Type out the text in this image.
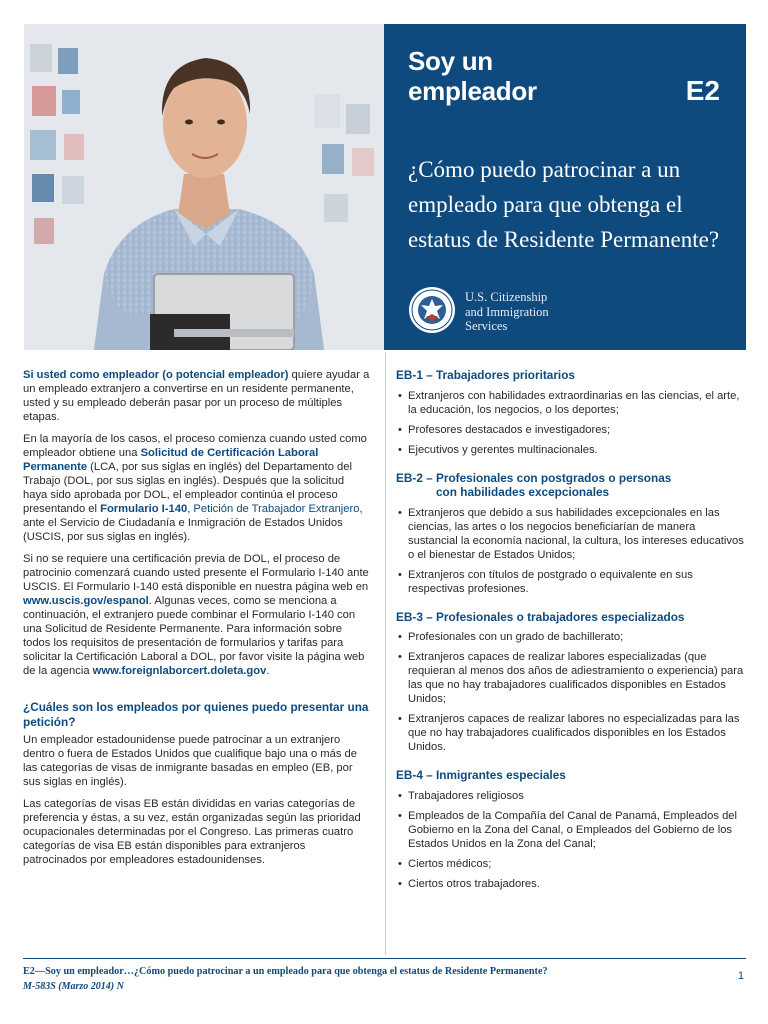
Soy un empleador	E2
¿Cómo puedo patrocinar a un empleado para que obtenga el estatus de Residente Permanente?
U.S. Citizenship
and Immigration
Services

Si usted como empleador (o potencial empleador) quiere ayudar a un empleado extranjero a convertirse en un residente permanente, usted y su empleado deberán pasar por un proceso de múltiples etapas.

En la mayoría de los casos, el proceso comienza cuando usted como empleador obtiene una Solicitud de Certificación Laboral Permanente (LCA, por sus siglas en inglés) del Departamento del Trabajo (DOL, por sus siglas en inglés). Después que la solicitud haya sido aprobada por DOL, el empleador continúa el proceso presentando el Formulario I-140, Petición de Trabajador Extranjero, ante el Servicio de Ciudadanía e Inmigración de Estados Unidos (USCIS, por sus siglas en inglés).

Si no se requiere una certificación previa de DOL, el proceso de patrocinio comenzará cuando usted presente el Formulario I-140 ante USCIS. El Formulario I-140 está disponible en nuestra página web en www.uscis.gov/espanol. Algunas veces, como se menciona a continuación, el extranjero puede combinar el Formulario I-140 con una Solicitud de Residente Permanente. Para información sobre todos los requisitos de presentación de formularios y tarifas para solicitar la Certificación Laboral a DOL, por favor visite la página web de la agencia www.foreignlaborcert.doleta.gov.

¿Cuáles son los empleados por quienes puedo presentar una petición?

Un empleador estadounidense puede patrocinar a un extranjero dentro o fuera de Estados Unidos que cualifique bajo una o más de las categorías de visas de inmigrante basadas en empleo (EB, por sus siglas en inglés).

Las categorías de visas EB están divididas en varias categorías de preferencia y éstas, a su vez, están organizadas según las prioridad ocupacionales determinadas por el Congreso. Las primeras cuatro categorías de visa EB están disponibles para extranjeros patrocinados por empleadores estadounidenses.

EB-1 – Trabajadores prioritarios
• Extranjeros con habilidades extraordinarias en las ciencias, el arte, la educación, los negocios, o los deportes;
• Profesores destacados e investigadores;
• Ejecutivos y gerentes multinacionales.
EB-2 – Profesionales con postgrados o personas
con habilidades excepcionales
• Extranjeros que debido a sus habilidades excepcionales en las ciencias, las artes o los negocios beneficiarían de manera sustancial la economía nacional, la cultura, los intereses educativos o el bienestar de Estados Unidos;
• Extranjeros con títulos de postgrado o equivalente en sus respectivas profesiones.
EB-3 – Profesionales o trabajadores especializados
• Profesionales con un grado de bachillerato;
• Extranjeros capaces de realizar labores especializadas (que requieran al menos dos años de adiestramiento o experiencia) para las que no hay trabajadores cualificados disponibles en Estados Unidos;
• Extranjeros capaces de realizar labores no especializadas para las que no hay trabajadores cualificados disponibles en los Estados Unidos.
EB-4 – Inmigrantes especiales
• Trabajadores religiosos
• Empleados de la Compañía del Canal de Panamá, Empleados del Gobierno en la Zona del Canal, o Empleados del Gobierno de los Estados Unidos en la Zona del Canal;
• Ciertos médicos;
• Ciertos otros trabajadores.
E2—Soy un empleador…¿Cómo puedo patrocinar a un empleado para que obtenga el estatus de Residente Permanente?
M-583S (Marzo 2014) N
1
